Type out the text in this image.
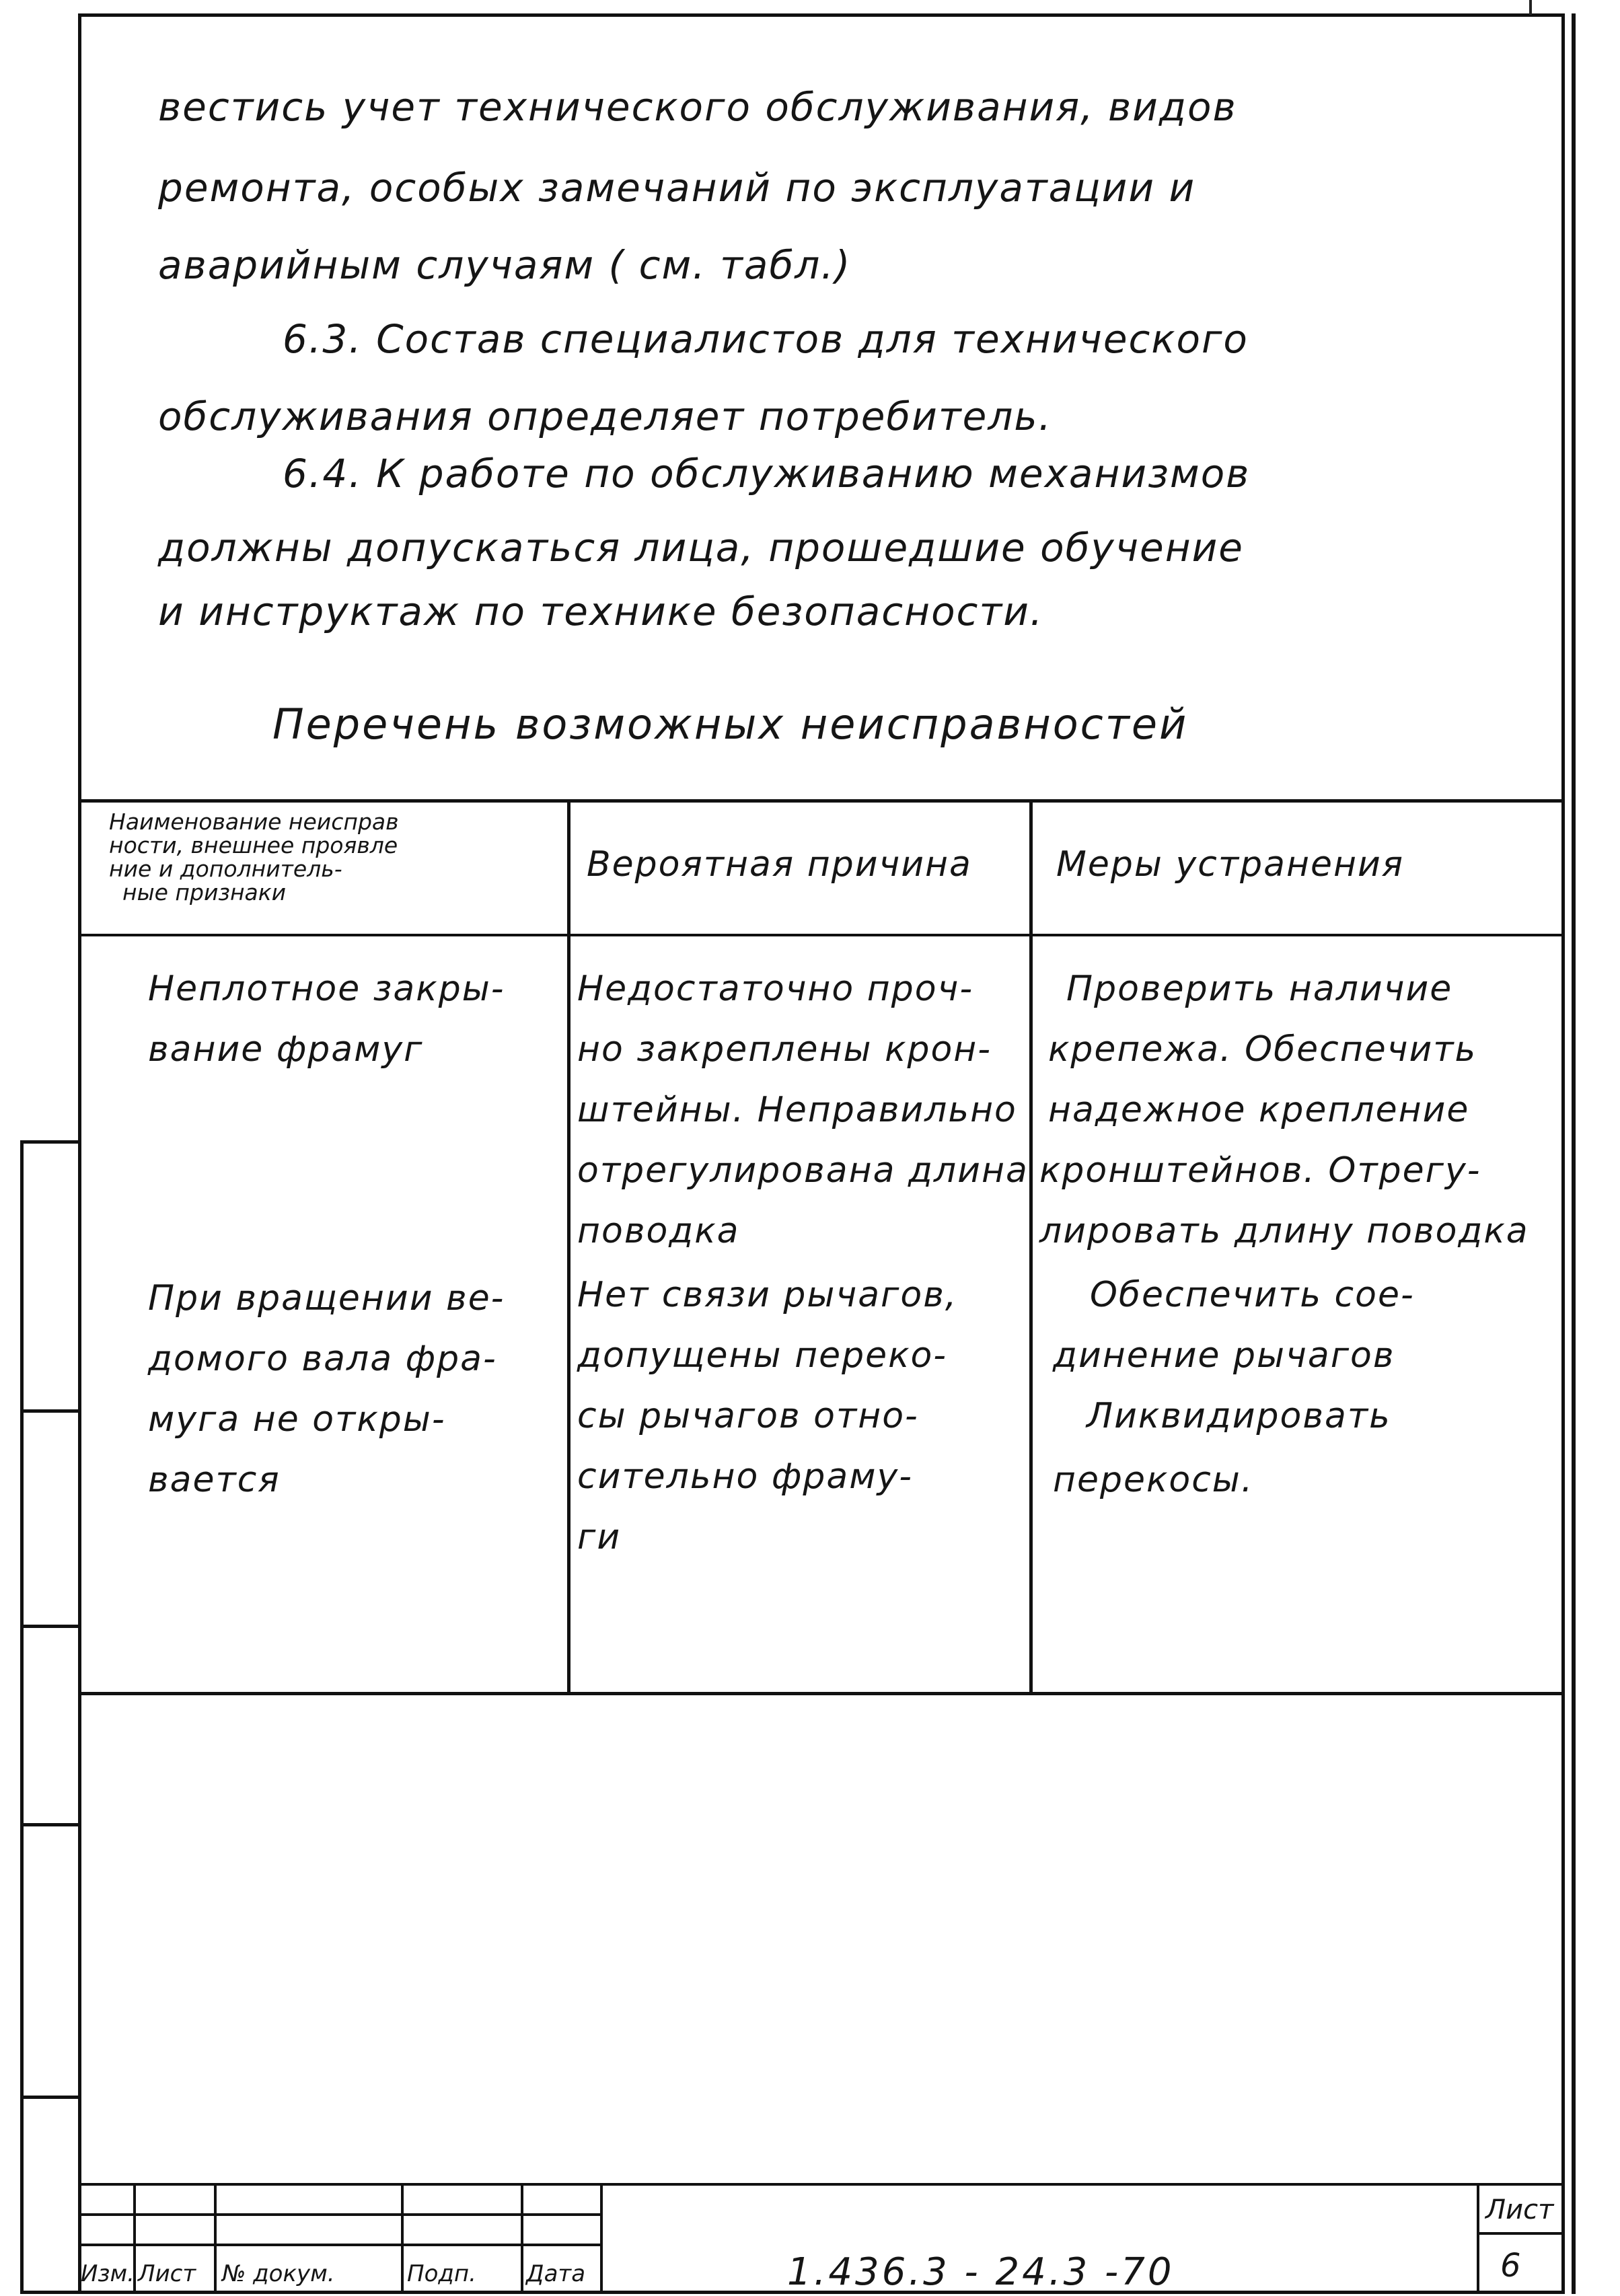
вестись учет технического обслуживания, видов
ремонта, особых замечаний по эксплуатации и
аварийным случаям ( см. табл.)
6.3. Состав специалистов для технического
обслуживания определяет потребитель.
6.4. К работе по обслуживанию механизмов
должны допускаться лица, прошедшие обучение
и инструктаж по технике безопасности.
Перечень возможных неисправностей
Наименование неисправ
ности, внешнее проявле
ние и дополнитель-
ные признаки
Вероятная причина Меры устранения
Неплотное закры-
вание фрамуг
При вращении ве-
домого вала фра-
муга не откры-
вается
Недостаточно проч-
но закреплены крон-
штейны. Неправильно
отрегулирована длина
поводка
Нет связи рычагов,
допущены переко-
сы рычагов отно-
сительно фраму-
ги
Проверить наличие
крепежа. Обеспечить
надежное крепление
кронштейнов. Отрегу-
лировать длину поводка
Обеспечить сое-
динение рычагов
Ликвидировать
перекосы.
Изм. Лист № докум.	Подп. Дата	1.436.3 - 24.3 -70
Лист
6
